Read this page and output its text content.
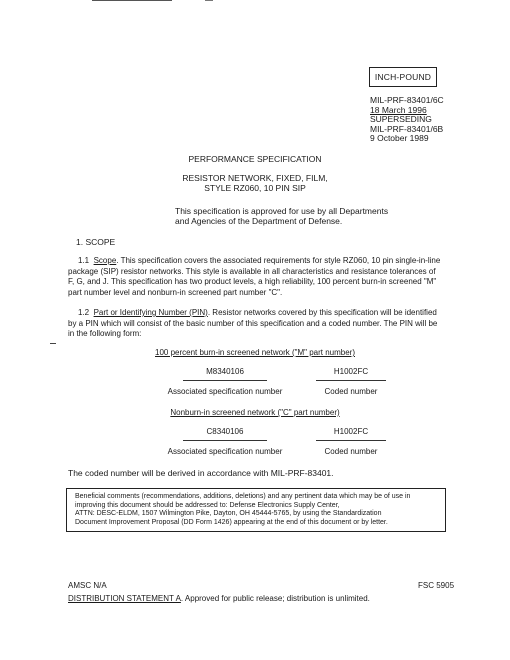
INCH-POUND
MIL-PRF-83401/6C
18 March 1996
SUPERSEDING
MIL-PRF-83401/6B
9 October 1989
PERFORMANCE SPECIFICATION
RESISTOR NETWORK, FIXED, FILM,
STYLE RZ060, 10 PIN SIP
This specification is approved for use by all Departments
and Agencies of the Department of Defense.
1. SCOPE
1.1 Scope. This specification covers the associated requirements for style RZ060, 10 pin single-in-line
package (SIP) resistor networks. This style is available in all characteristics and resistance tolerances of
F, G, and J. This specification has two product levels, a high reliability, 100 percent burn-in screened "M"
part number level and nonburn-in screened part number "C".
1.2 Part or Identifying Number (PIN). Resistor networks covered by this specification will be identified
by a PIN which will consist of the basic number of this specification and a coded number. The PIN will be
in the following form:
100 percent burn-in screened network ("M" part number)
M8340106	H1002FC
Associated specification number	Coded number
Nonburn-in screened network ("C" part number)
C8340106	H1002FC
Associated specification number	Coded number
The coded number will be derived in accordance with MIL-PRF-83401.
Beneficial comments (recommendations, additions, deletions) and any pertinent data which may be of use in
improving this document should be addressed to: Defense Electronics Supply Center,
ATTN: DESC-ELDM, 1507 Wilmington Pike, Dayton, OH 45444-5765, by using the Standardization
Document Improvement Proposal (DD Form 1426) appearing at the end of this document or by letter.
AMSC N/A	FSC 5905
DISTRIBUTION STATEMENT A. Approved for public release; distribution is unlimited.
